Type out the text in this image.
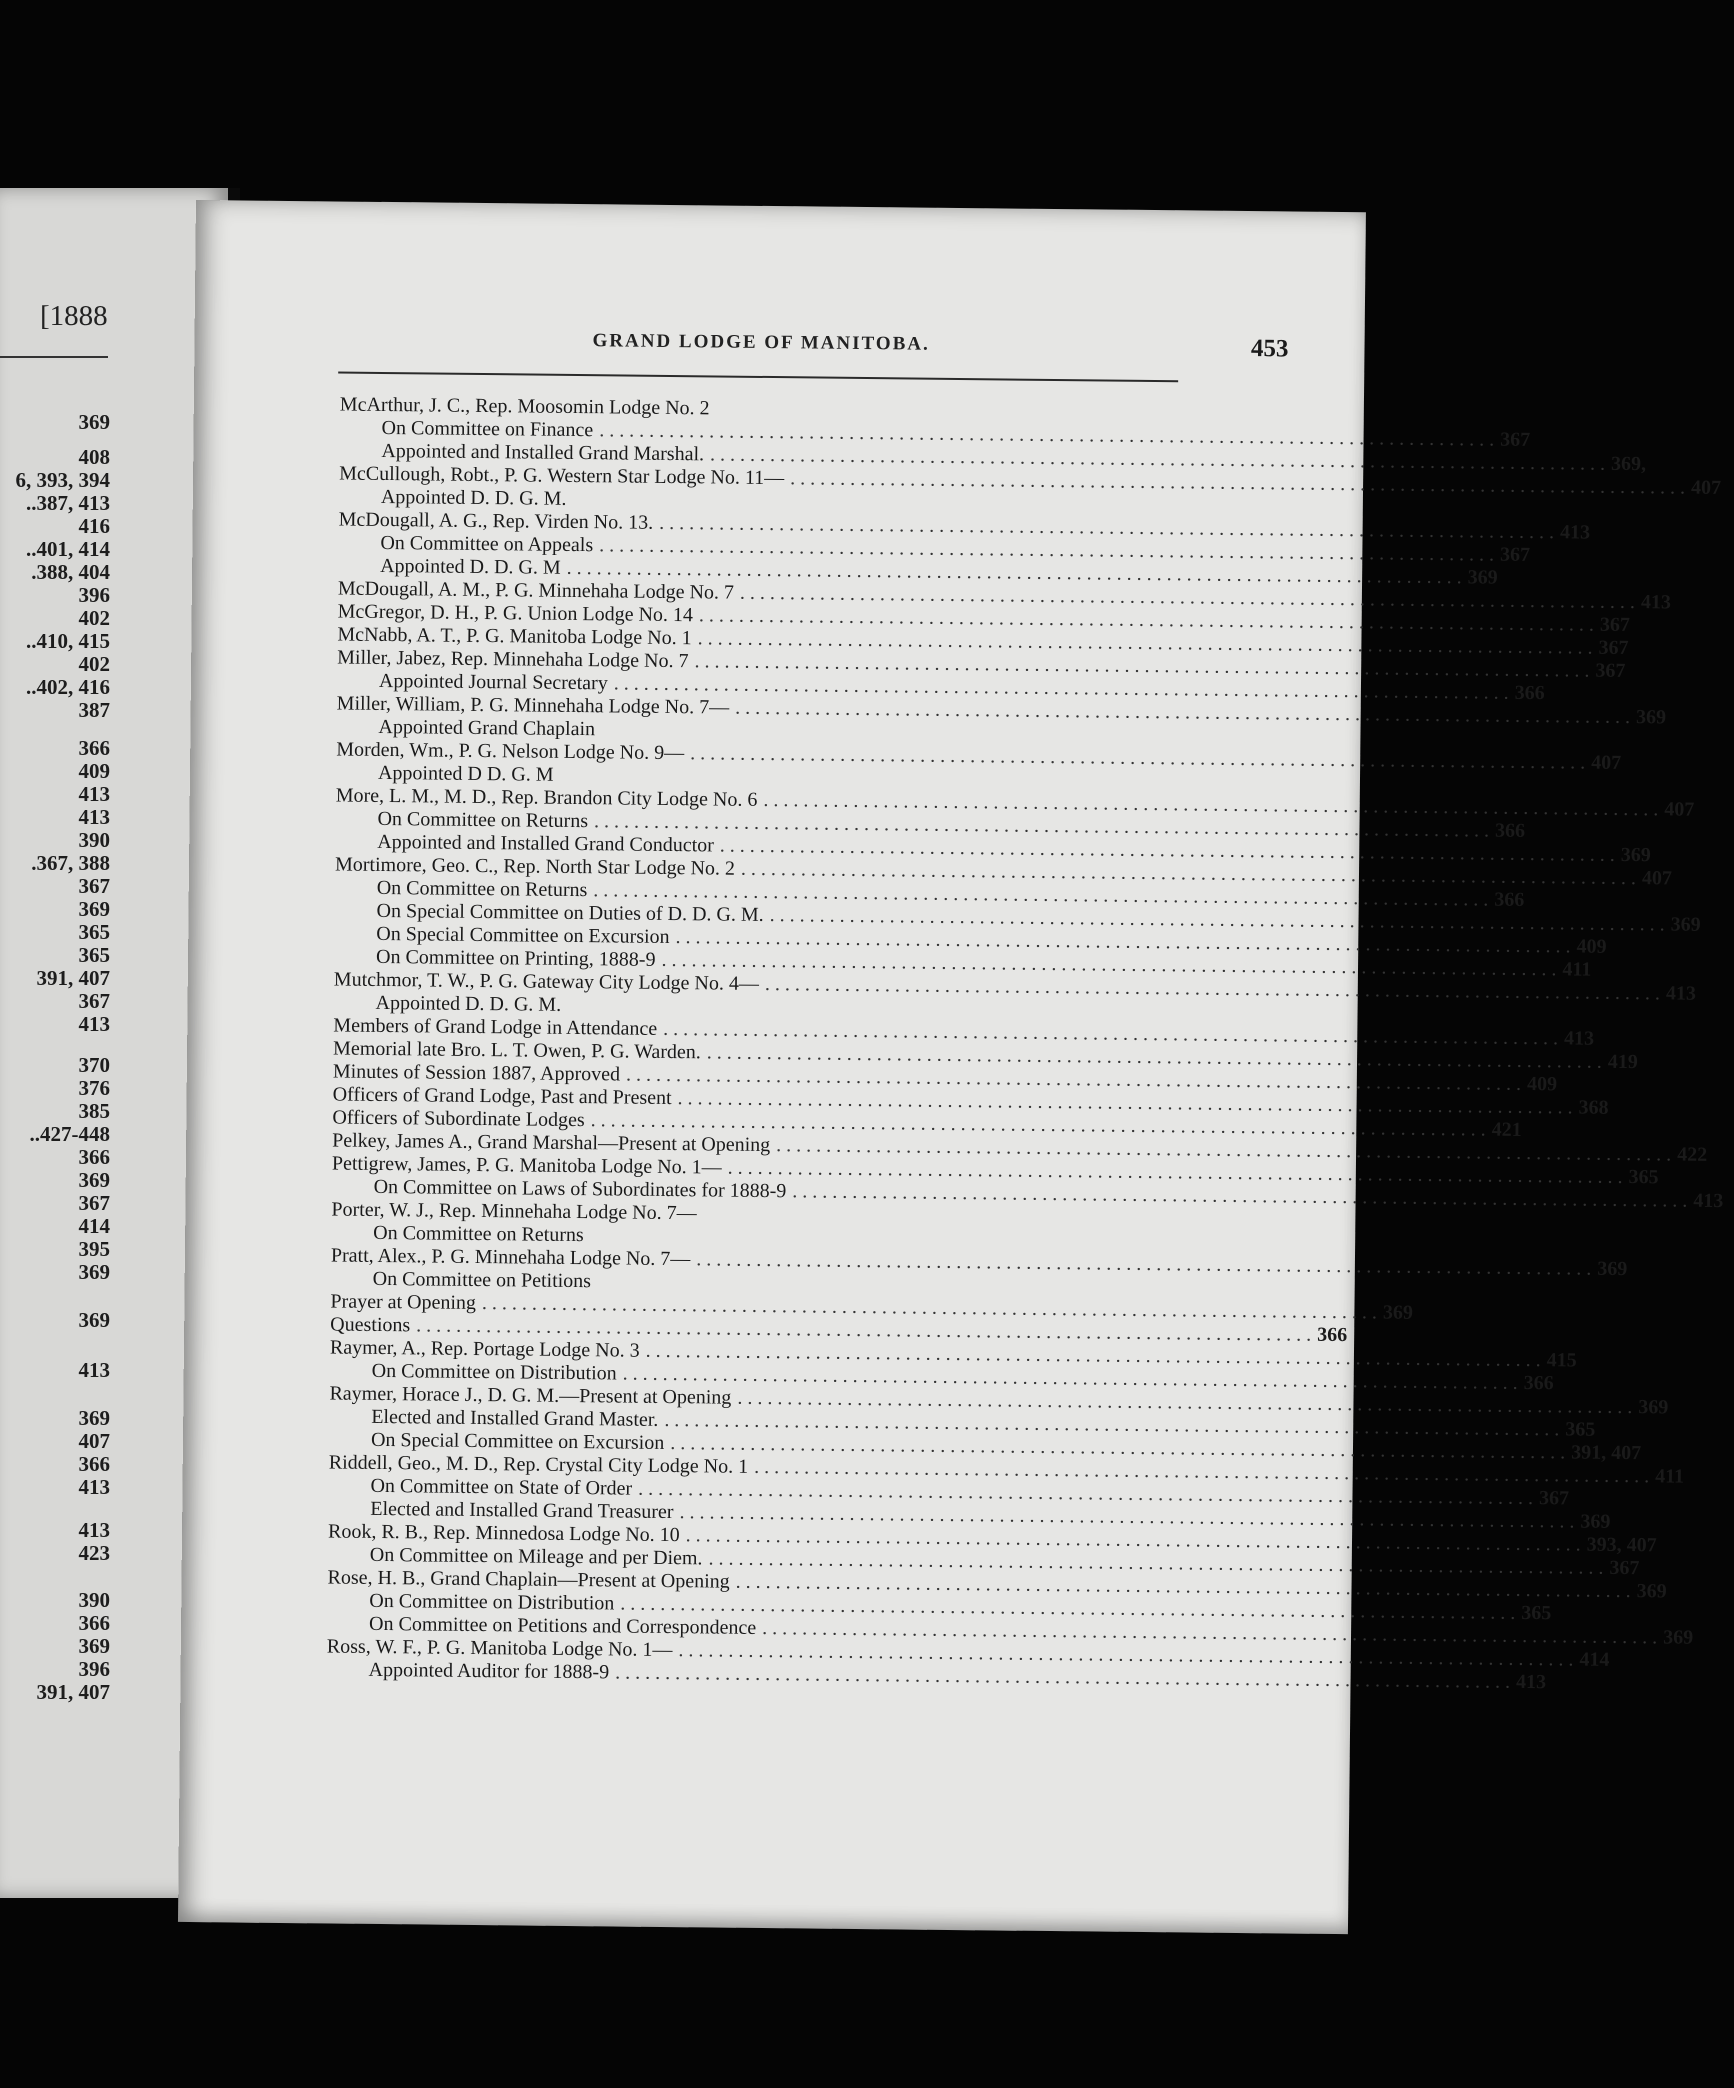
[1888
369
408
6, 393, 394
..387, 413
416
..401, 414
.388, 404
396
402
..410, 415
402
..402, 416
387
366
409
413
413
390
.367, 388
367
369
365
365
391, 407
367
413
370
376
385
..427-448
366
369
367
414
395
369
369
413
369
407
366
413
413
423
390
366
369
396
391, 407
GRAND LODGE OF MANITOBA.	453
McArthur, J. C., Rep. Moosomin Lodge No. 2
On Committee on Finance . . .	367
Appointed and Installed Grand Marshal. . . .	369,
McCullough, Robt., P. G. Western Star Lodge No. 11— . . .	407
Appointed D. D. G. M.
McDougall, A. G., Rep. Virden No. 13. . . .	413
On Committee on Appeals . . .	367
Appointed D. D. G. M . . .	369
McDougall, A. M., P. G. Minnehaha Lodge No. 7 . . .	413
McGregor, D. H., P. G. Union Lodge No. 14 . . .	367
McNabb, A. T., P. G. Manitoba Lodge No. 1 . . .	367
Miller, Jabez, Rep. Minnehaha Lodge No. 7 . . .	367
Appointed Journal Secretary . . .	366
Miller, William, P. G. Minnehaha Lodge No. 7— . . .	369
Appointed Grand Chaplain
Morden, Wm., P. G. Nelson Lodge No. 9— . . .	407
Appointed D D. G. M
More, L. M., M. D., Rep. Brandon City Lodge No. 6 . . .	407
On Committee on Returns . . .	366
Appointed and Installed Grand Conductor . . .	369
Mortimore, Geo. C., Rep. North Star Lodge No. 2 . . .	407
On Committee on Returns . . .	366
On Special Committee on Duties of D. D. G. M. . . .	369
On Special Committee on Excursion . . .	409
On Committee on Printing, 1888-9 . . .	411
Mutchmor, T. W., P. G. Gateway City Lodge No. 4— . . .	413
Appointed D. D. G. M.
Members of Grand Lodge in Attendance . . .	413
Memorial late Bro. L. T. Owen, P. G. Warden. . . .	419
Minutes of Session 1887, Approved . . .	409
Officers of Grand Lodge, Past and Present . . .	368
Officers of Subordinate Lodges . . .	421
Pelkey, James A., Grand Marshal—Present at Opening . . .	422
Pettigrew, James, P. G. Manitoba Lodge No. 1— . . .	365
On Committee on Laws of Subordinates for 1888-9 . . .	413
Porter, W. J., Rep. Minnehaha Lodge No. 7—
On Committee on Returns
Pratt, Alex., P. G. Minnehaha Lodge No. 7— . . .	369
On Committee on Petitions
Prayer at Opening . . .	369
Questions . . .	366
Raymer, A., Rep. Portage Lodge No. 3 . . .	415
On Committee on Distribution . . .	366
Raymer, Horace J., D. G. M.—Present at Opening . . .	369
Elected and Installed Grand Master. . . .	365
On Special Committee on Excursion . . .	391, 407
Riddell, Geo., M. D., Rep. Crystal City Lodge No. 1 . . .	411
On Committee on State of Order . . .	367
Elected and Installed Grand Treasurer . . .	369
Rook, R. B., Rep. Minnedosa Lodge No. 10 . . .	393, 407
On Committee on Mileage and per Diem. . . .	367
Rose, H. B., Grand Chaplain—Present at Opening . . .	369
On Committee on Distribution . . .	365
On Committee on Petitions and Correspondence . . .	369
Ross, W. F., P. G. Manitoba Lodge No. 1— . . .	414
Appointed Auditor for 1888-9 . . .	413
